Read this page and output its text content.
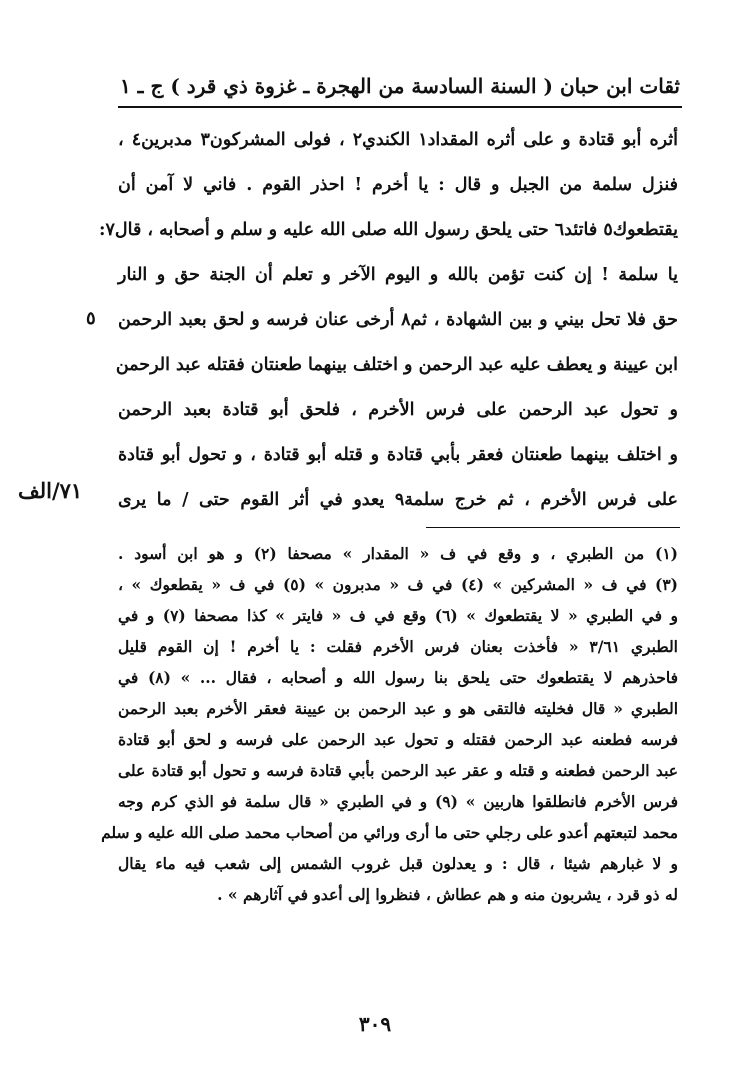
ثقات ابن حبان ( السنة السادسة من الهجرة ـ غزوة ذي قرد ) ج ـ ١
أثره أبو قتادة و على أثره المقداد١ الكندي٢ ، فولى المشركون٣ مدبرين٤ ،
فنزل سلمة من الجبل و قال : يا أخرم ! احذر القوم . فاني لا آمن أن
يقتطعوك٥ فاتئد٦ حتى يلحق رسول الله صلى الله عليه و سلم و أصحابه ، قال٧:
يا سلمة ! إن كنت تؤمن بالله و اليوم الآخر و تعلم أن الجنة حق و النار
حق فلا تحل بيني و بين الشهادة ، ثم٨ أرخى عنان فرسه و لحق بعبد الرحمن
ابن عيينة و يعطف عليه عبد الرحمن و اختلف بينهما طعنتان فقتله عبد الرحمن
و تحول عبد الرحمن على فرس الأخرم ، فلحق أبو قتادة بعبد الرحمن
و اختلف بينهما طعنتان فعقر بأبي قتادة و قتله أبو قتادة ، و تحول أبو قتادة
على فرس الأخرم ، ثم خرج سلمة٩ يعدو في أثر القوم حتى / ما يرى
٥
٧١/الف
(١) من الطبري ، و وقع في ف « المقدار » مصحفا (٢) و هو ابن أسود .
(٣) في ف « المشركين » (٤) في ف « مدبرون » (٥) في ف « يقطعوك » ،
و في الطبري « لا يقتطعوك » (٦) وقع في ف « فايتر » كذا مصحفا (٧) و في
الطبري ٣/٦١ « فأخذت بعنان فرس الأخرم فقلت : يا أخرم ! إن القوم قليل
فاحذرهم لا يقتطعوك حتى يلحق بنا رسول الله و أصحابه ، فقال ... » (٨) في
الطبري « قال فخليته فالتقى هو و عبد الرحمن بن عيينة فعقر الأخرم بعبد الرحمن
فرسه فطعنه عبد الرحمن فقتله و تحول عبد الرحمن على فرسه و لحق أبو قتادة
عبد الرحمن فطعنه و قتله و عقر عبد الرحمن بأبي قتادة فرسه و تحول أبو قتادة على
فرس الأخرم فانطلقوا هاربين » (٩) و في الطبري « قال سلمة فو الذي كرم وجه
محمد لتبعتهم أعدو على رجلي حتى ما أرى ورائي من أصحاب محمد صلى الله عليه و سلم
و لا غبارهم شيئا ، قال : و يعدلون قبل غروب الشمس إلى شعب فيه ماء يقال
له ذو قرد ، يشربون منه و هم عطاش ، فنظروا إلى أعدو في آثارهم » .
٣٠٩
